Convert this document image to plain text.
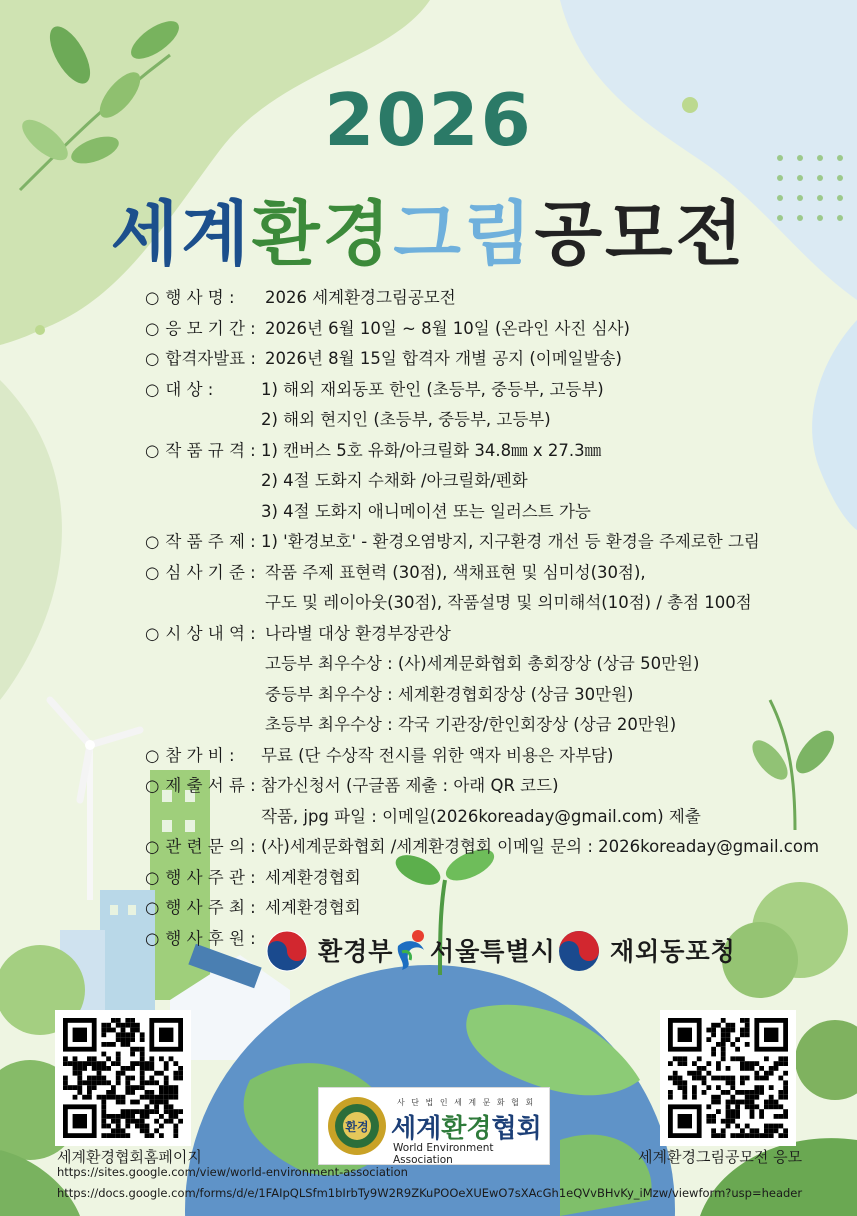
2026
세계환경그림공모전
○ 행 사 명 : 2026 세계환경그림공모전
○ 응 모 기 간 : 2026년 6월 10일 ~ 8월 10일 (온라인 사진 심사)
○ 합격자발표 : 2026년 8월 15일 합격자 개별 공지 (이메일발송)
○ 대 상 :	1) 해외 재외동포 한인 (초등부, 중등부, 고등부)
2) 해외 현지인 (초등부, 중등부, 고등부)
○ 작 품 규 격 : 1) 캔버스 5호 유화/아크릴화 34.8㎜ x 27.3㎜
2) 4절 도화지 수채화 /아크릴화/펜화
3) 4절 도화지 애니메이션 또는 일러스트 가능
○ 작 품 주 제 : 1) '환경보호' - 환경오염방지, 지구환경 개선 등 환경을 주제로한 그림
○ 심 사 기 준 : 작품 주제 표현력 (30점), 색채표현 및 심미성(30점),
구도 및 레이아웃(30점), 작품설명 및 의미해석(10점) / 총점 100점
○ 시 상 내 역 : 나라별 대상 환경부장관상
고등부 최우수상 : (사)세계문화협회 총회장상 (상금 50만원)
중등부 최우수상 : 세계환경협회장상 (상금 30만원)
초등부 최우수상 : 각국 기관장/한인회장상 (상금 20만원)
○ 참 가 비 : 무료 (단 수상작 전시를 위한 액자 비용은 자부담)
○ 제 출 서 류 : 참가신청서 (구글폼 제출 : 아래 QR 코드)
작품, jpg 파일 : 이메일(2026koreaday@gmail.com) 제출
○ 관 련 문 의 : (사)세계문화협회 /세계환경협회 이메일 문의 : 2026koreaday@gmail.com
○ 행 사 주 관 : 세계환경협회
○ 행 사 주 최 : 세계환경협회
○ 행 사 후 원 : 환경부 서울특별시 재외동포청
세계환경협회홈페이지	세계환경그림공모전 응모
환경
사 단 법 인 세 계 문 화 협 회
세계환경협회
World Environment Association
https://sites.google.com/view/world-environment-association
https://docs.google.com/forms/d/e/1FAIpQLSfm1bIrbTy9W2R9ZKuPOOeXUEwO7sXAcGh1eQVvBHvKy_iMzw/viewform?usp=header
